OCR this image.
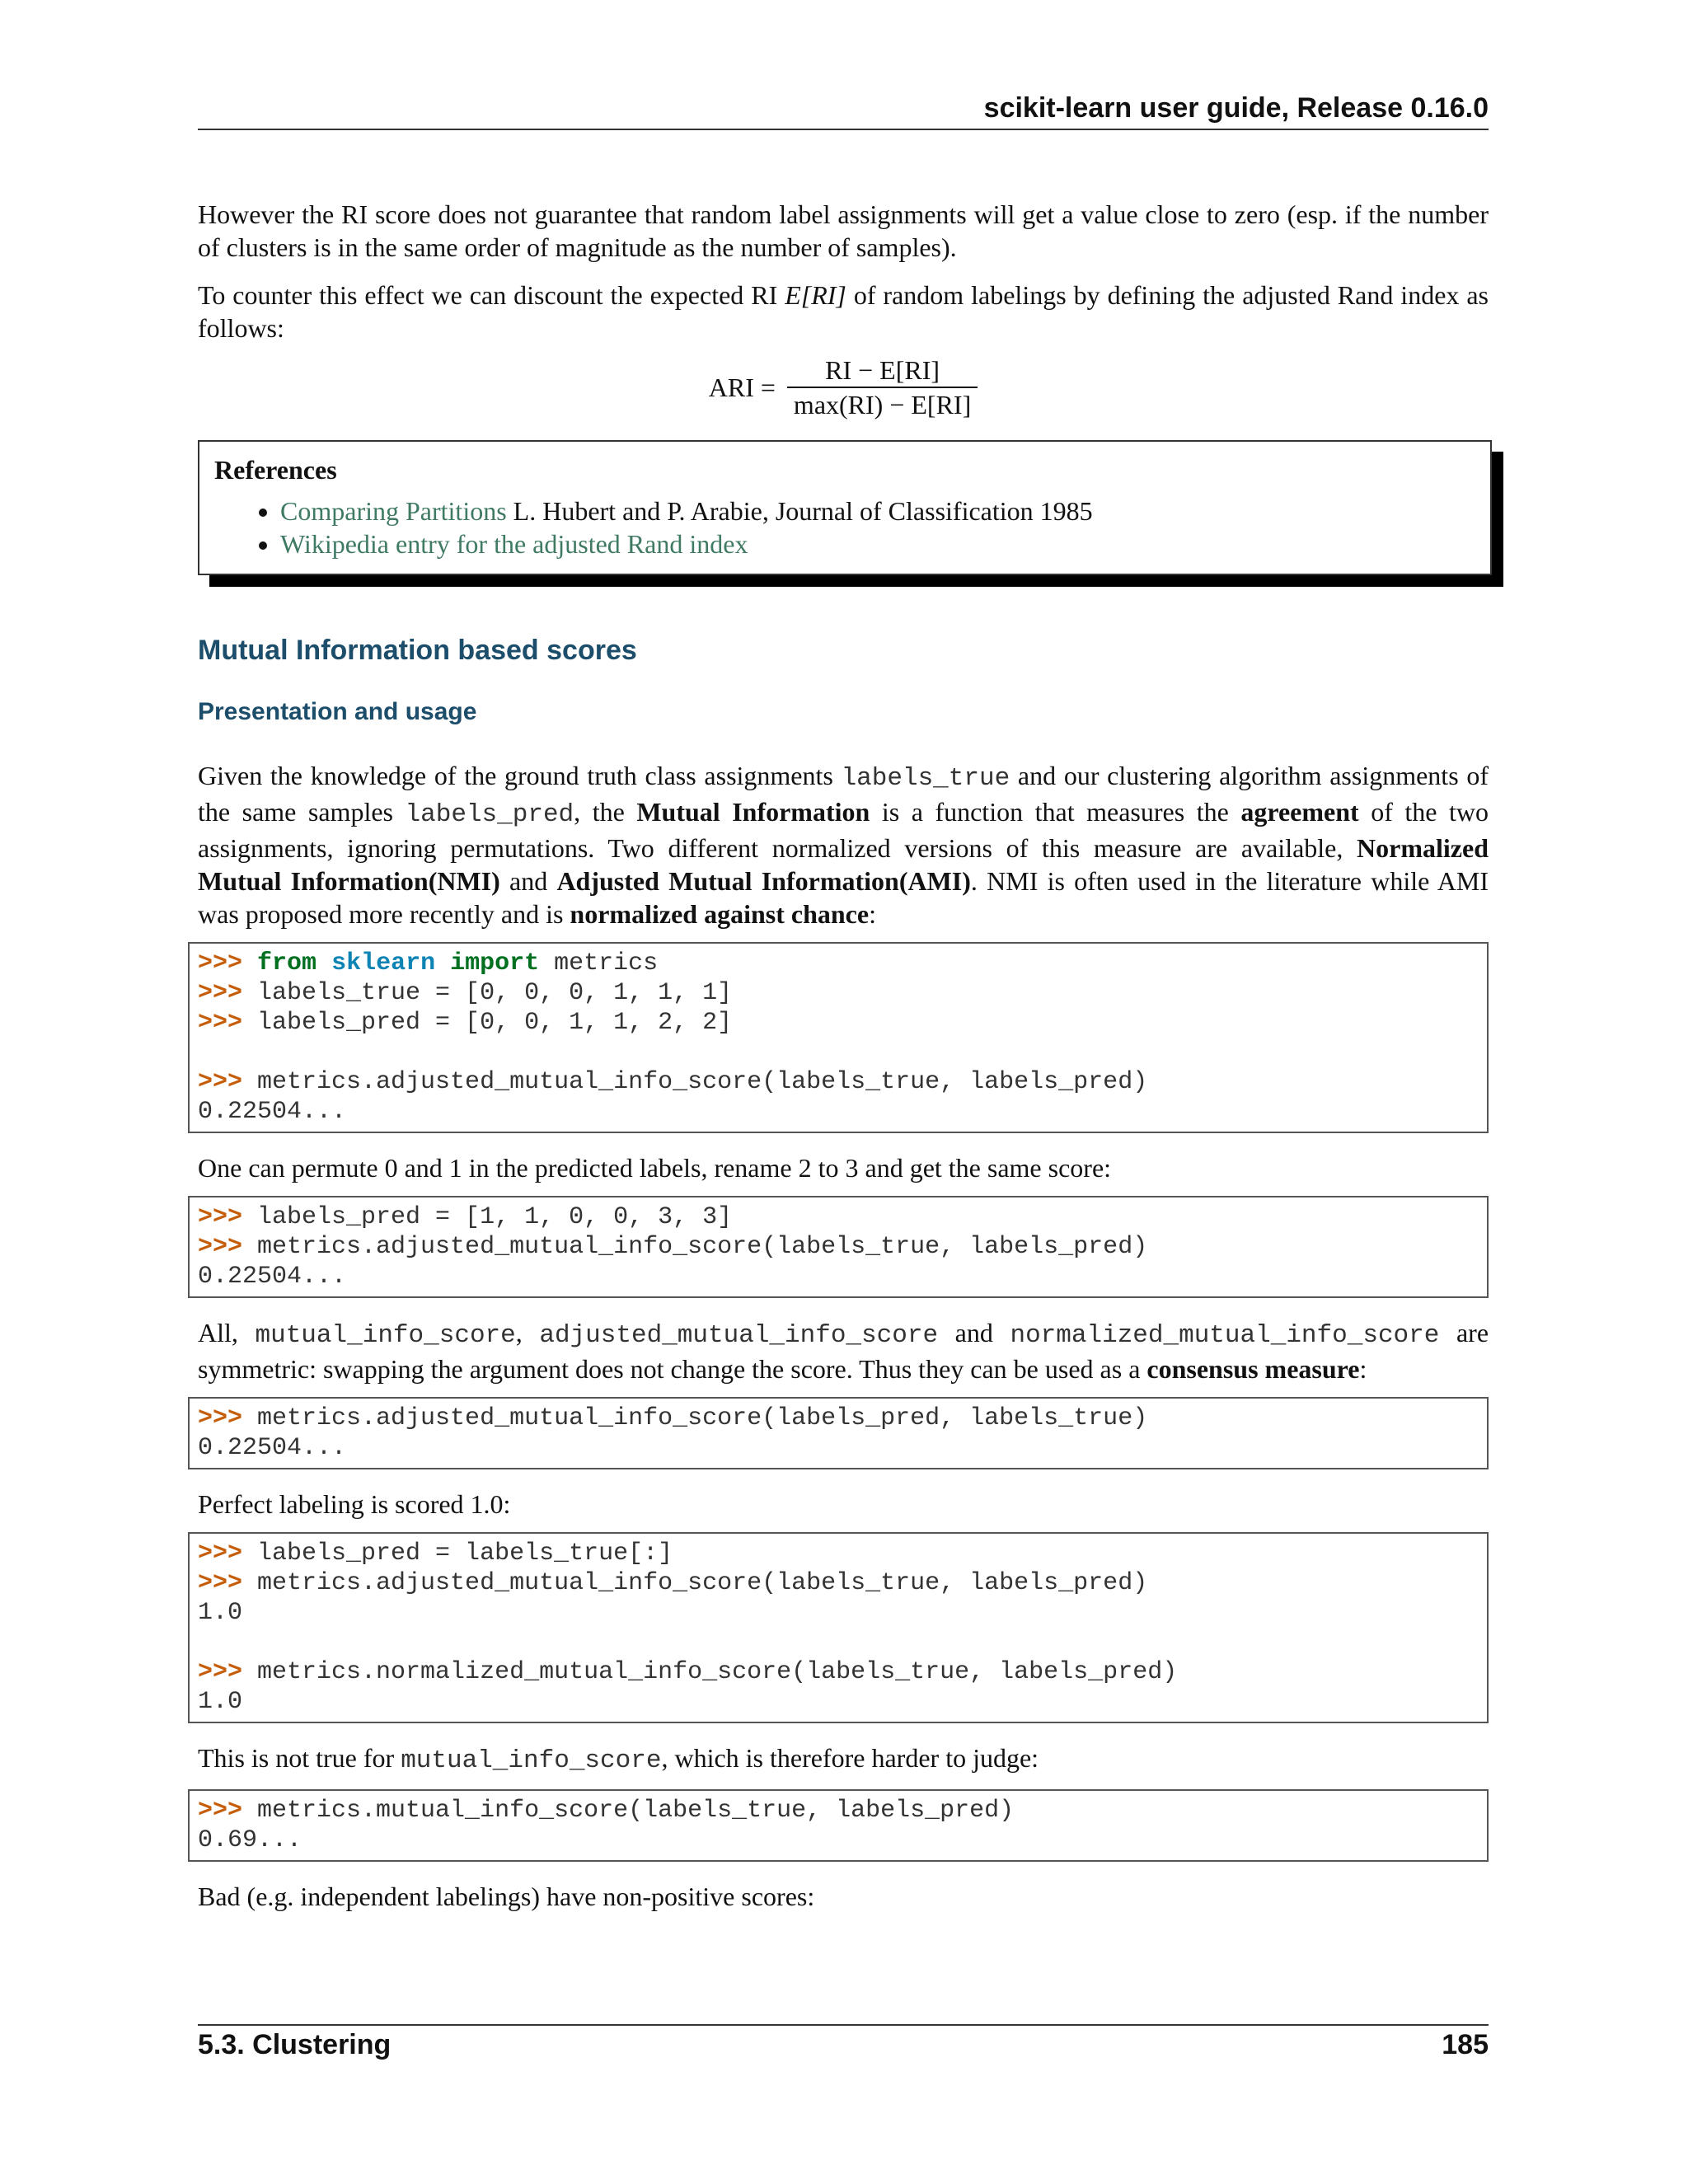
scikit-learn user guide, Release 0.16.0

However the RI score does not guarantee that random label assignments will get a value close to zero (esp. if the number of clusters is in the same order of magnitude as the number of samples).

To counter this effect we can discount the expected RI E[RI] of random labelings by defining the adjusted Rand index as follows:

ARI = $\frac{RI - E[RI]}{\max(RI) - E[RI]}$
References
• Comparing Partitions L. Hubert and P. Arabie, Journal of Classification 1985
• Wikipedia entry for the adjusted Rand index
Mutual Information based scores
Presentation and usage

Given the knowledge of the ground truth class assignments labels_true and our clustering algorithm assignments of the same samples labels_pred, the Mutual Information is a function that measures the agreement of the two assignments, ignoring permutations. Two different normalized versions of this measure are available, Normalized Mutual Information(NMI) and Adjusted Mutual Information(AMI). NMI is often used in the literature while AMI was proposed more recently and is normalized against chance:

>>> from sklearn import metrics
>>> labels_true = [0, 0, 0, 1, 1, 1]
>>> labels_pred = [0, 0, 1, 1, 2, 2]
>>> metrics.adjusted_mutual_info_score(labels_true, labels_pred)
0.22504...

One can permute 0 and 1 in the predicted labels, rename 2 to 3 and get the same score:

>>> labels_pred = [1, 1, 0, 0, 3, 3]
>>> metrics.adjusted_mutual_info_score(labels_true, labels_pred)
0.22504...

All, mutual_info_score, adjusted_mutual_info_score and normalized_mutual_info_score are symmetric: swapping the argument does not change the score. Thus they can be used as a consensus measure:

>>> metrics.adjusted_mutual_info_score(labels_pred, labels_true)
0.22504...

Perfect labeling is scored 1.0:

>>> labels_pred = labels_true[:]
>>> metrics.adjusted_mutual_info_score(labels_true, labels_pred)
1.0
>>> metrics.normalized_mutual_info_score(labels_true, labels_pred)
1.0

This is not true for mutual_info_score, which is therefore harder to judge:

>>> metrics.mutual_info_score(labels_true, labels_pred)
0.69...

Bad (e.g. independent labelings) have non-positive scores:

5.3. Clustering	185
